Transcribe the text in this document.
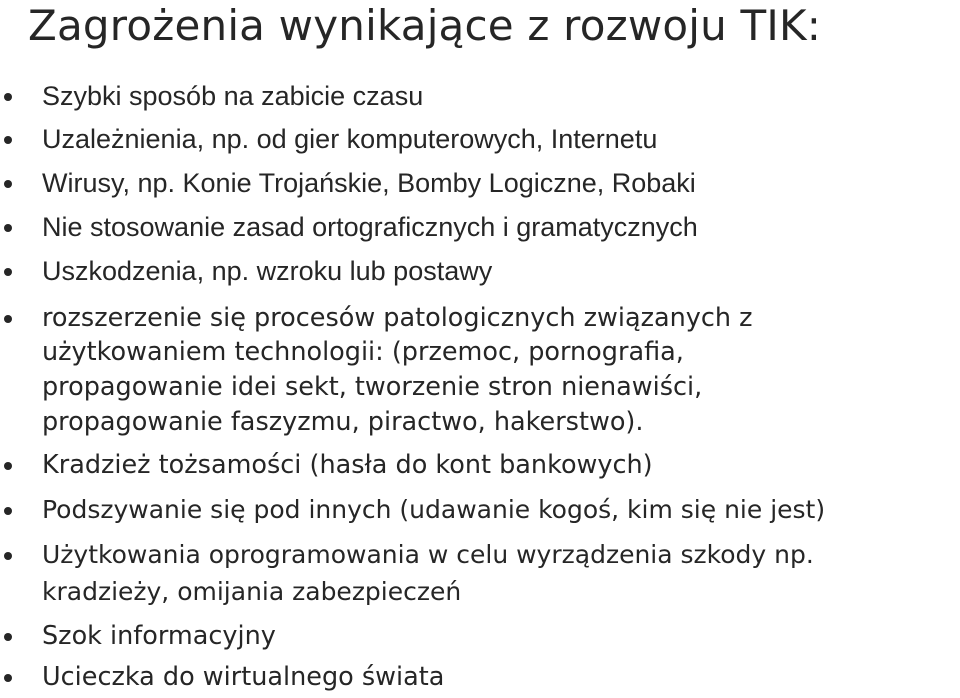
Zagrożenia wynikające z rozwoju TIK:
Szybki sposób na zabicie czasu
Uzależnienia, np. od gier komputerowych, Internetu
Wirusy, np. Konie Trojańskie, Bomby Logiczne, Robaki
Nie stosowanie zasad ortograficznych i gramatycznych
Uszkodzenia, np. wzroku lub postawy
rozszerzenie się procesów patologicznych związanych z
użytkowaniem technologii: (przemoc, pornografia,
propagowanie idei sekt, tworzenie stron nienawiści,
propagowanie faszyzmu, piractwo, hakerstwo).
Kradzież tożsamości (hasła do kont bankowych)
Podszywanie się pod innych (udawanie kogoś, kim się nie jest)
Użytkowania oprogramowania w celu wyrządzenia szkody np.
kradzieży, omijania zabezpieczeń
Szok informacyjny
Ucieczka do wirtualnego świata
